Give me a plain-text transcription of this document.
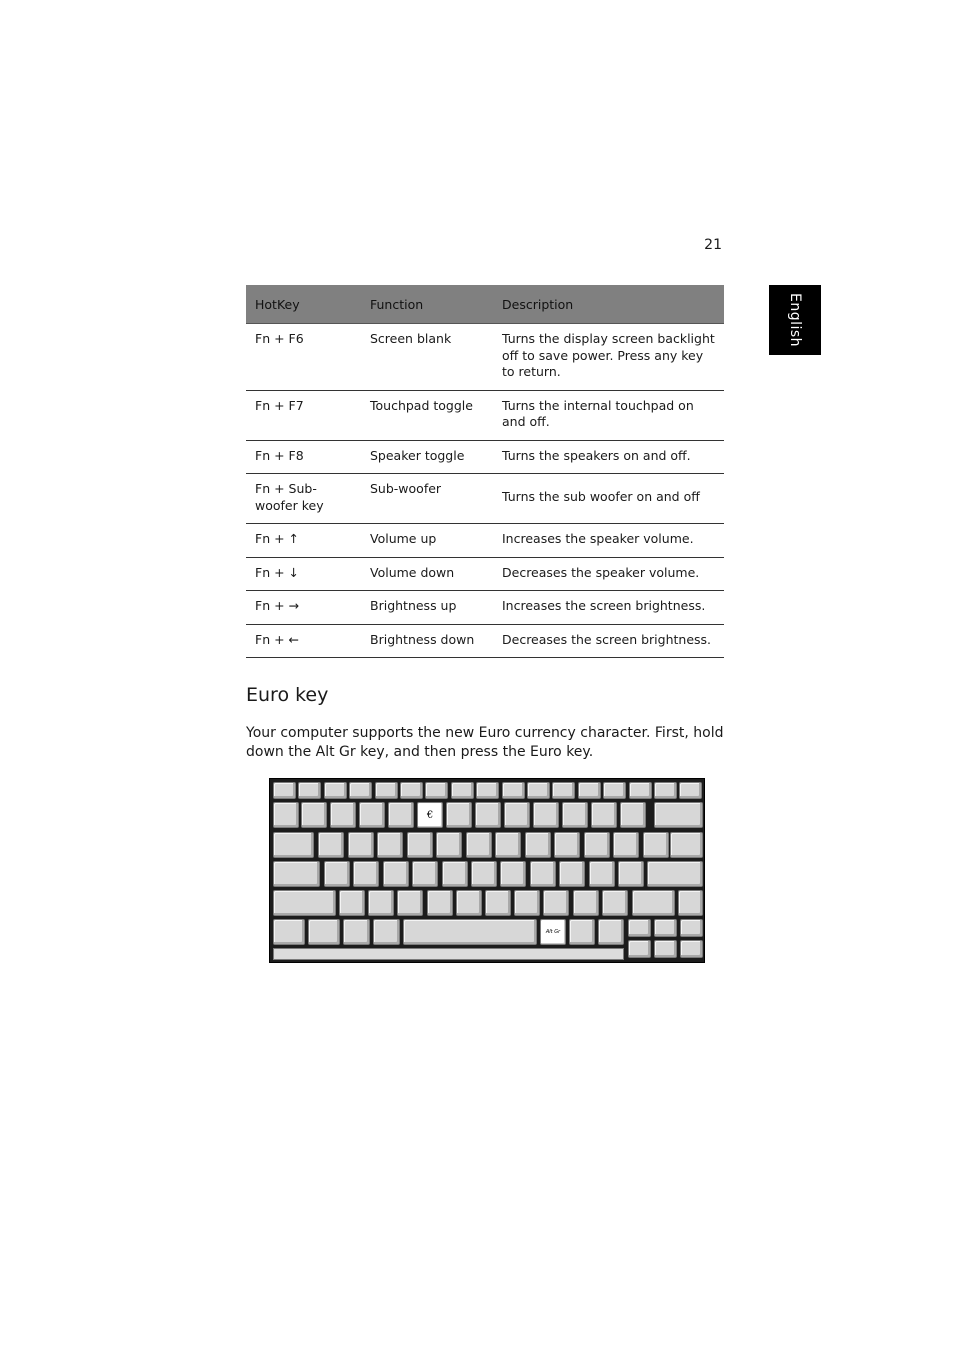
21
English
HotKey	Function	Description
Fn + F6	Screen blank	Turns the display screen backlight off to save power. Press any key to return.
Fn + F7	Touchpad toggle	Turns the internal touchpad on and off.
Fn + F8	Speaker toggle	Turns the speakers on and off.
Fn + Sub-woofer key	Sub-woofer	Turns the sub woofer on and off
Fn + ↑	Volume up	Increases the speaker volume.
Fn + ↓	Volume down	Decreases the speaker volume.
Fn + →	Brightness up	Increases the screen brightness.
Fn + ←	Brightness down	Decreases the screen brightness.
Euro key

Your computer supports the new Euro currency character. First, hold down the Alt Gr key, and then press the Euro key.

€
Alt Gr
